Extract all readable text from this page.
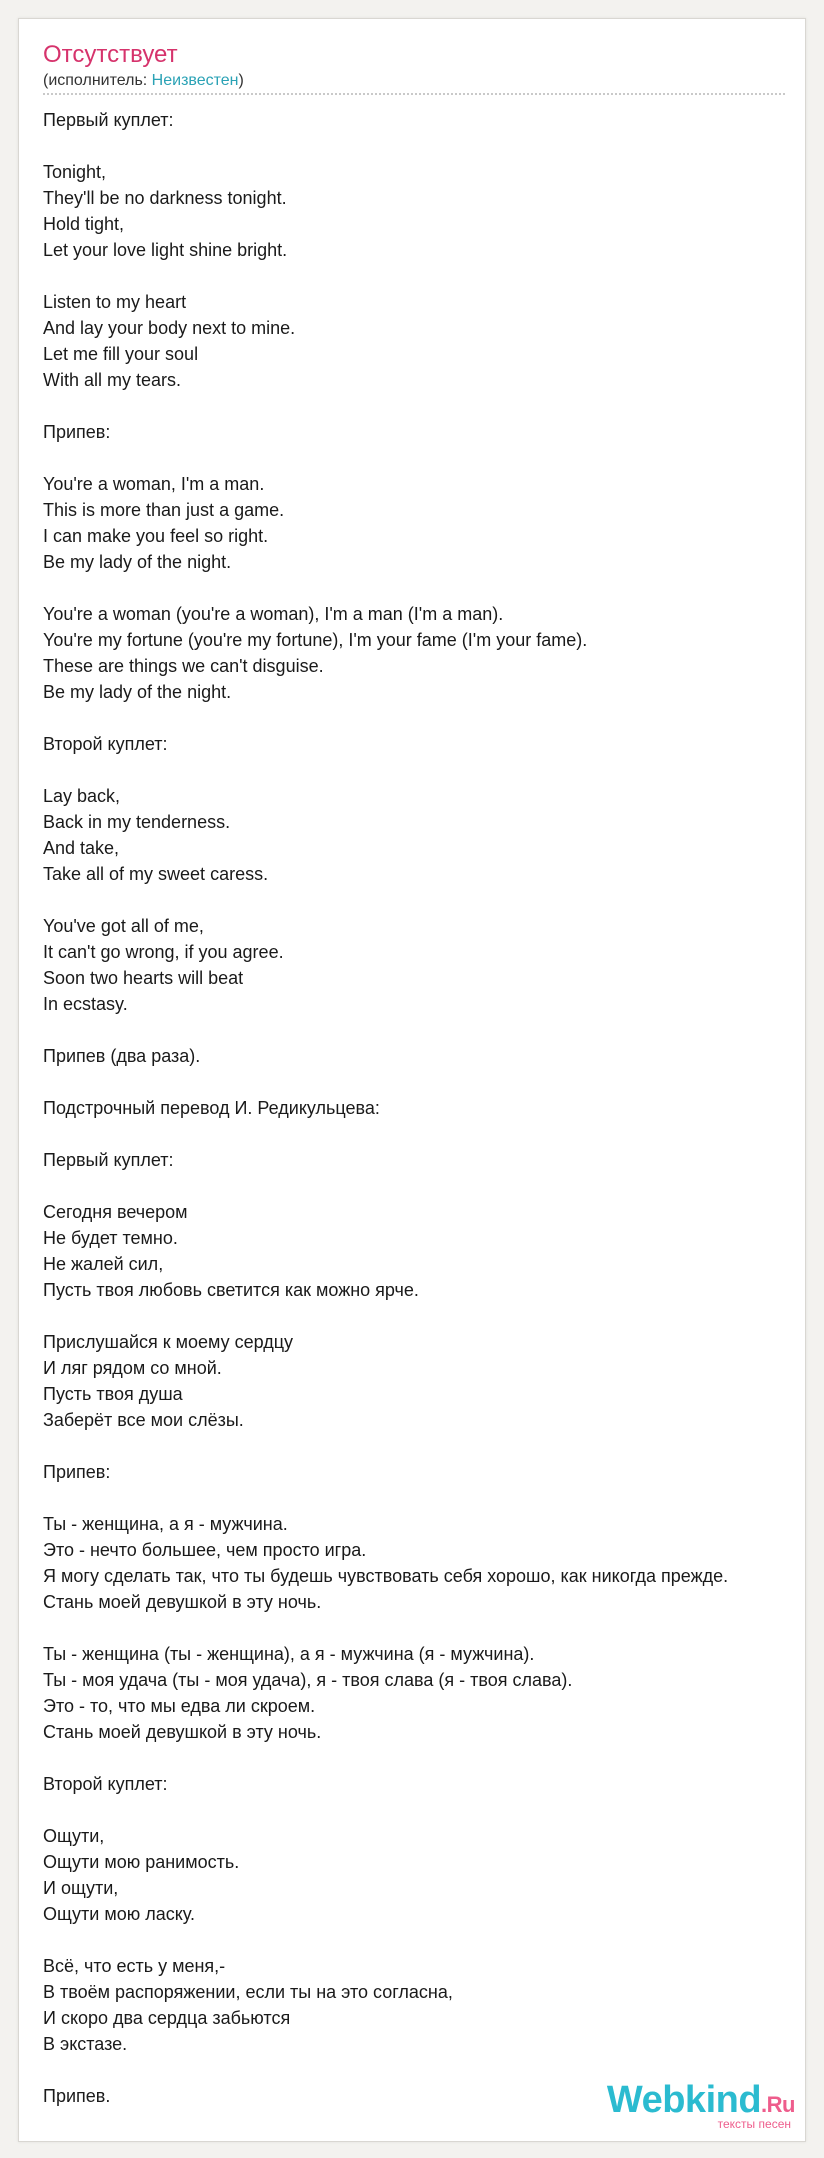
Отсутствует
(исполнитель: Неизвестен)
Первый куплет:
Tonight,
They'll be no darkness tonight.
Hold tight,
Let your love light shine bright.
Listen to my heart
And lay your body next to mine.
Let me fill your soul
With all my tears.
Припев:
You're a woman, I'm a man.
This is more than just a game.
I can make you feel so right.
Be my lady of the night.
You're a woman (you're a woman), I'm a man (I'm a man).
You're my fortune (you're my fortune), I'm your fame (I'm your fame).
These are things we can't disguise.
Be my lady of the night.
Второй куплет:
Lay back,
Back in my tenderness.
And take,
Take all of my sweet caress.
You've got all of me,
It can't go wrong, if you agree.
Soon two hearts will beat
In ecstasy.
Припев (два раза).
Подстрочный перевод И. Редикульцева:
Первый куплет:
Сегодня вечером
Не будет темно.
Не жалей сил,
Пусть твоя любовь светится как можно ярче.
Прислушайся к моему сердцу
И ляг рядом со мной.
Пусть твоя душа
Заберёт все мои слёзы.
Припев:
Ты - женщина, а я - мужчина.
Это - нечто большее, чем просто игра.
Я могу сделать так, что ты будешь чувствовать себя хорошо, как никогда прежде.
Стань моей девушкой в эту ночь.
Ты - женщина (ты - женщина), а я - мужчина (я - мужчина).
Ты - моя удача (ты - моя удача), я - твоя слава (я - твоя слава).
Это - то, что мы едва ли скроем.
Стань моей девушкой в эту ночь.
Второй куплет:
Ощути,
Ощути мою ранимость.
И ощути,
Ощути мою ласку.
Всё, что есть у меня,-
В твоём распоряжении, если ты на это согласна,
И скоро два сердца забьются
В экстазе.
Припев.	Webkind.Ru
тексты песен
